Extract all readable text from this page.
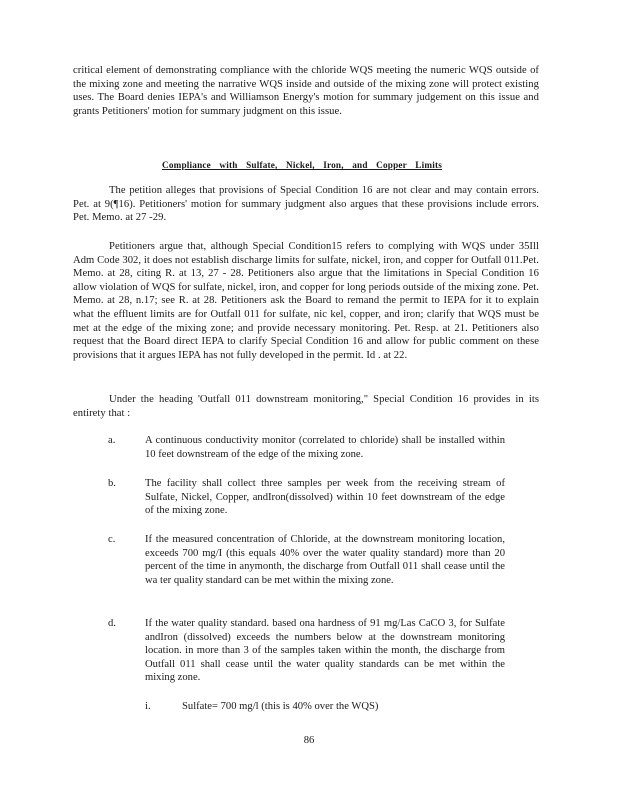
critical element of demonstrating compliance with the chloride WQS meeting the numeric WQS outside of the mixing zone and meeting the narrative WQS inside and outside of the mixing zone will protect existing uses. The Board denies IEPA's and Williamson Energy's motion for summary judgement on this issue and grants Petitioners' motion for summary judgment on this issue.

Compliance with Sulfate, Nickel, Iron, and Copper Limits

The petition alleges that provisions of Special Condition 16 are not clear and may contain errors. Pet. at 9(¶16). Petitioners' motion for summary judgment also argues that these provisions include errors. Pet. Memo. at 27 -29.

Petitioners argue that, although Special Condition15 refers to complying with WQS under 35Ill Adm Code 302, it does not establish discharge limits for sulfate, nickel, iron, and copper for Outfall 011.Pet. Memo. at 28, citing R. at 13, 27 - 28. Petitioners also argue that the limitations in Special Condition 16 allow violation of WQS for sulfate, nickel, iron, and copper for long periods outside of the mixing zone. Pet. Memo. at 28, n.17; see R. at 28. Petitioners ask the Board to remand the permit to IEPA for it to explain what the effluent limits are for Outfall 011 for sulfate, nic kel, copper, and iron; clarify that WQS must be met at the edge of the mixing zone; and provide necessary monitoring. Pet. Resp. at 21. Petitioners also request that the Board direct IEPA to clarify Special Condition 16 and allow for public comment on these provisions that it argues IEPA has not fully developed in the permit. Id . at 22.

Under the heading 'Outfall 011 downstream monitoring," Special Condition 16 provides in its entirety that :

a.	A continuous conductivity monitor (correlated to chloride) shall be installed within 10 feet downstream of the edge of the mixing zone.
b.	The facility shall collect three samples per week from the receiving stream of Sulfate, Nickel, Copper, andIron(dissolved) within 10 feet downstream of the edge of the mixing zone.
c.	If the measured concentration of Chloride, at the downstream monitoring location, exceeds 700 mg/I (this equals 40% over the water quality standard) more than 20 percent of the time in anymonth, the discharge from Outfall 011 shall cease until the wa ter quality standard can be met within the mixing zone.
d.	If the water quality standard. based ona hardness of 91 mg/Las CaCO 3, for Sulfate andIron (dissolved) exceeds the numbers below at the downstream monitoring location. in more than 3 of the samples taken within the month, the discharge from Outfall 011 shall cease until the water quality standards can be met within the mixing zone.
i.	Sulfate= 700 mg/l (this is 40% over the WQS)
86
